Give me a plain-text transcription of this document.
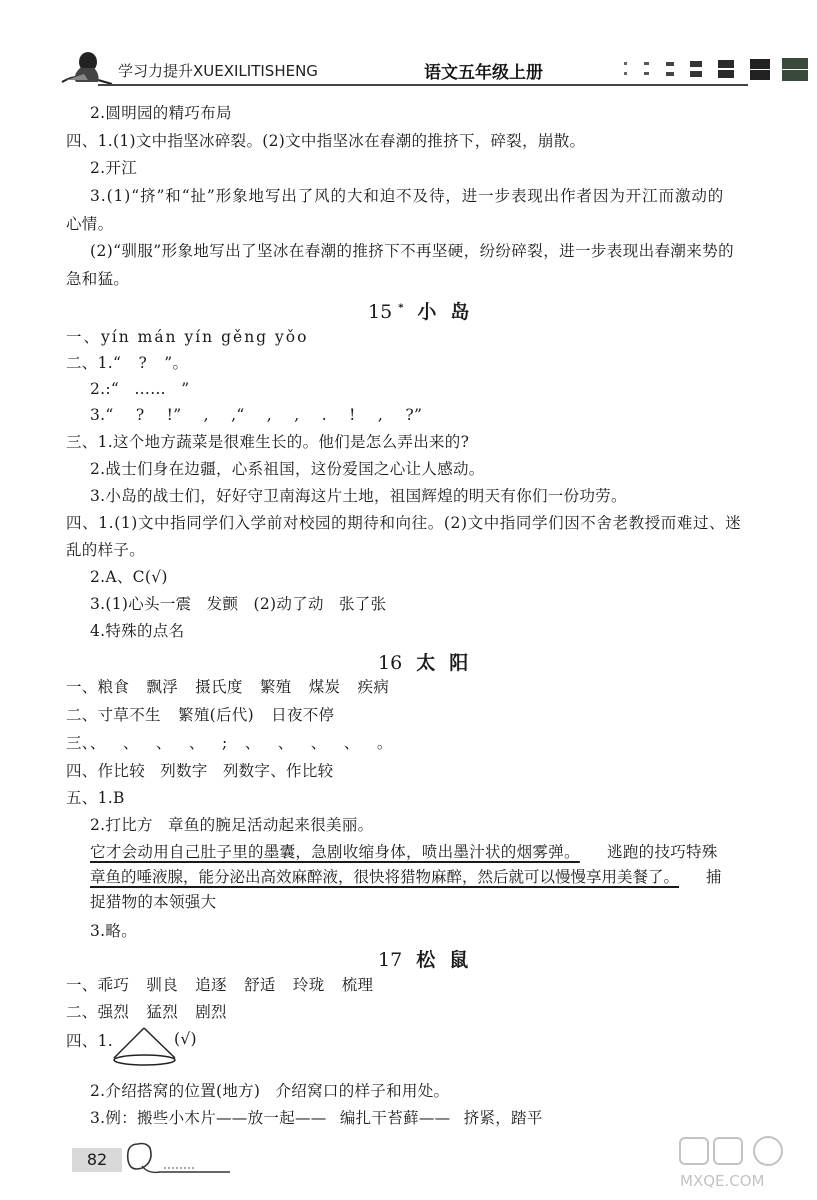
学习力提升XUEXILITISHENG	语文五年级上册
2.圆明园的精巧布局
四、1.(1)文中指坚冰碎裂。(2)文中指坚冰在春潮的推挤下，碎裂，崩散。
2.开江
3.(1)“挤”和“扯”形象地写出了风的大和迫不及待，进一步表现出作者因为开江而激动的
心情。
(2)“驯服”形象地写出了坚冰在春潮的推挤下不再坚硬，纷纷碎裂，进一步表现出春潮来势的
急和猛。
15 * 小岛
一、yín mán yín gěng yǒo
二、1.“ ? ”。
2.:“ …… ”
3.“ ? !” , ,“ , , . ! , ?”
三、1.这个地方蔬菜是很难生长的。他们是怎么弄出来的?
2.战士们身在边疆，心系祖国，这份爱国之心让人感动。
3.小岛的战士们，好好守卫南海这片土地，祖国辉煌的明天有你们一份功劳。
四、1.(1)文中指同学们入学前对校园的期待和向往。(2)文中指同学们因不舍老教授而难过、迷
乱的样子。
2.A、C(√)
3.(1)心头一震 发颤 (2)动了动 张了张
4.特殊的点名
16 太阳
一、粮食 飘浮 摄氏度 繁殖 煤炭 疾病
二、寸草不生 繁殖(后代) 日夜不停
三、、 、 、 、 ; 、 、 、 、 。
四、作比较 列数字 列数字、作比较
五、1.B
2.打比方 章鱼的腕足活动起来很美丽。
它才会动用自己肚子里的墨囊，急剧收缩身体，喷出墨汁状的烟雾弹。 逃跑的技巧特殊
章鱼的唾液腺，能分泌出高效麻醉液，很快将猎物麻醉，然后就可以慢慢享用美餐了。 捕
捉猎物的本领强大
3.略。
17 松鼠
一、乖巧 驯良 追逐 舒适 玲珑 梳理
二、强烈 猛烈 剧烈
四、1.	(√)
2.介绍搭窝的位置(地方) 介绍窝口的样子和用处。
3.例：搬些小木片——放一起—— 编扎干苔藓—— 挤紧，踏平
82
MXQE.COM
